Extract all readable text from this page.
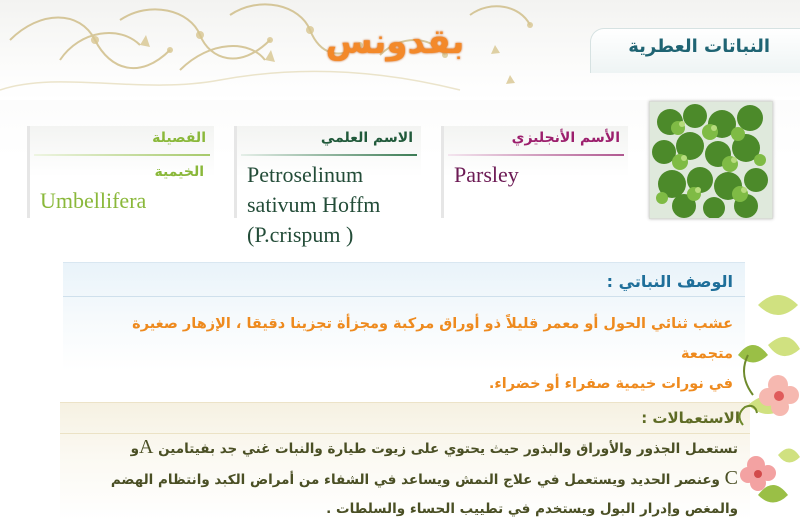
بقدونس	النباتات العطرية
الأسم الأنجليزي
Parsley
الاسم العلمي
Petroselinum
sativum Hoffm
(P.crispum )
الفصيلة
الخيمية
Umbellifera
الوصف النباتي :
عشب ثنائي الحول أو معمر قليلاً ذو أوراق مركبة ومجزأة تجزينا دقيقا ، الإزهار صغيرة متجمعة
في نورات خيمية صفراء أو خضراء.
الاستعمالات :
تستعمل الجذور والأوراق والبذور حيث يحتوي على زيوت طيارة والنبات غني جد بفيتامين Aو
C وعنصر الحديد ويستعمل في علاج النمش ويساعد في الشفاء من أمراض الكبد وانتظام الهضم
والمغص وإدرار البول ويستخدم في تطييب الحساء والسلطات .
